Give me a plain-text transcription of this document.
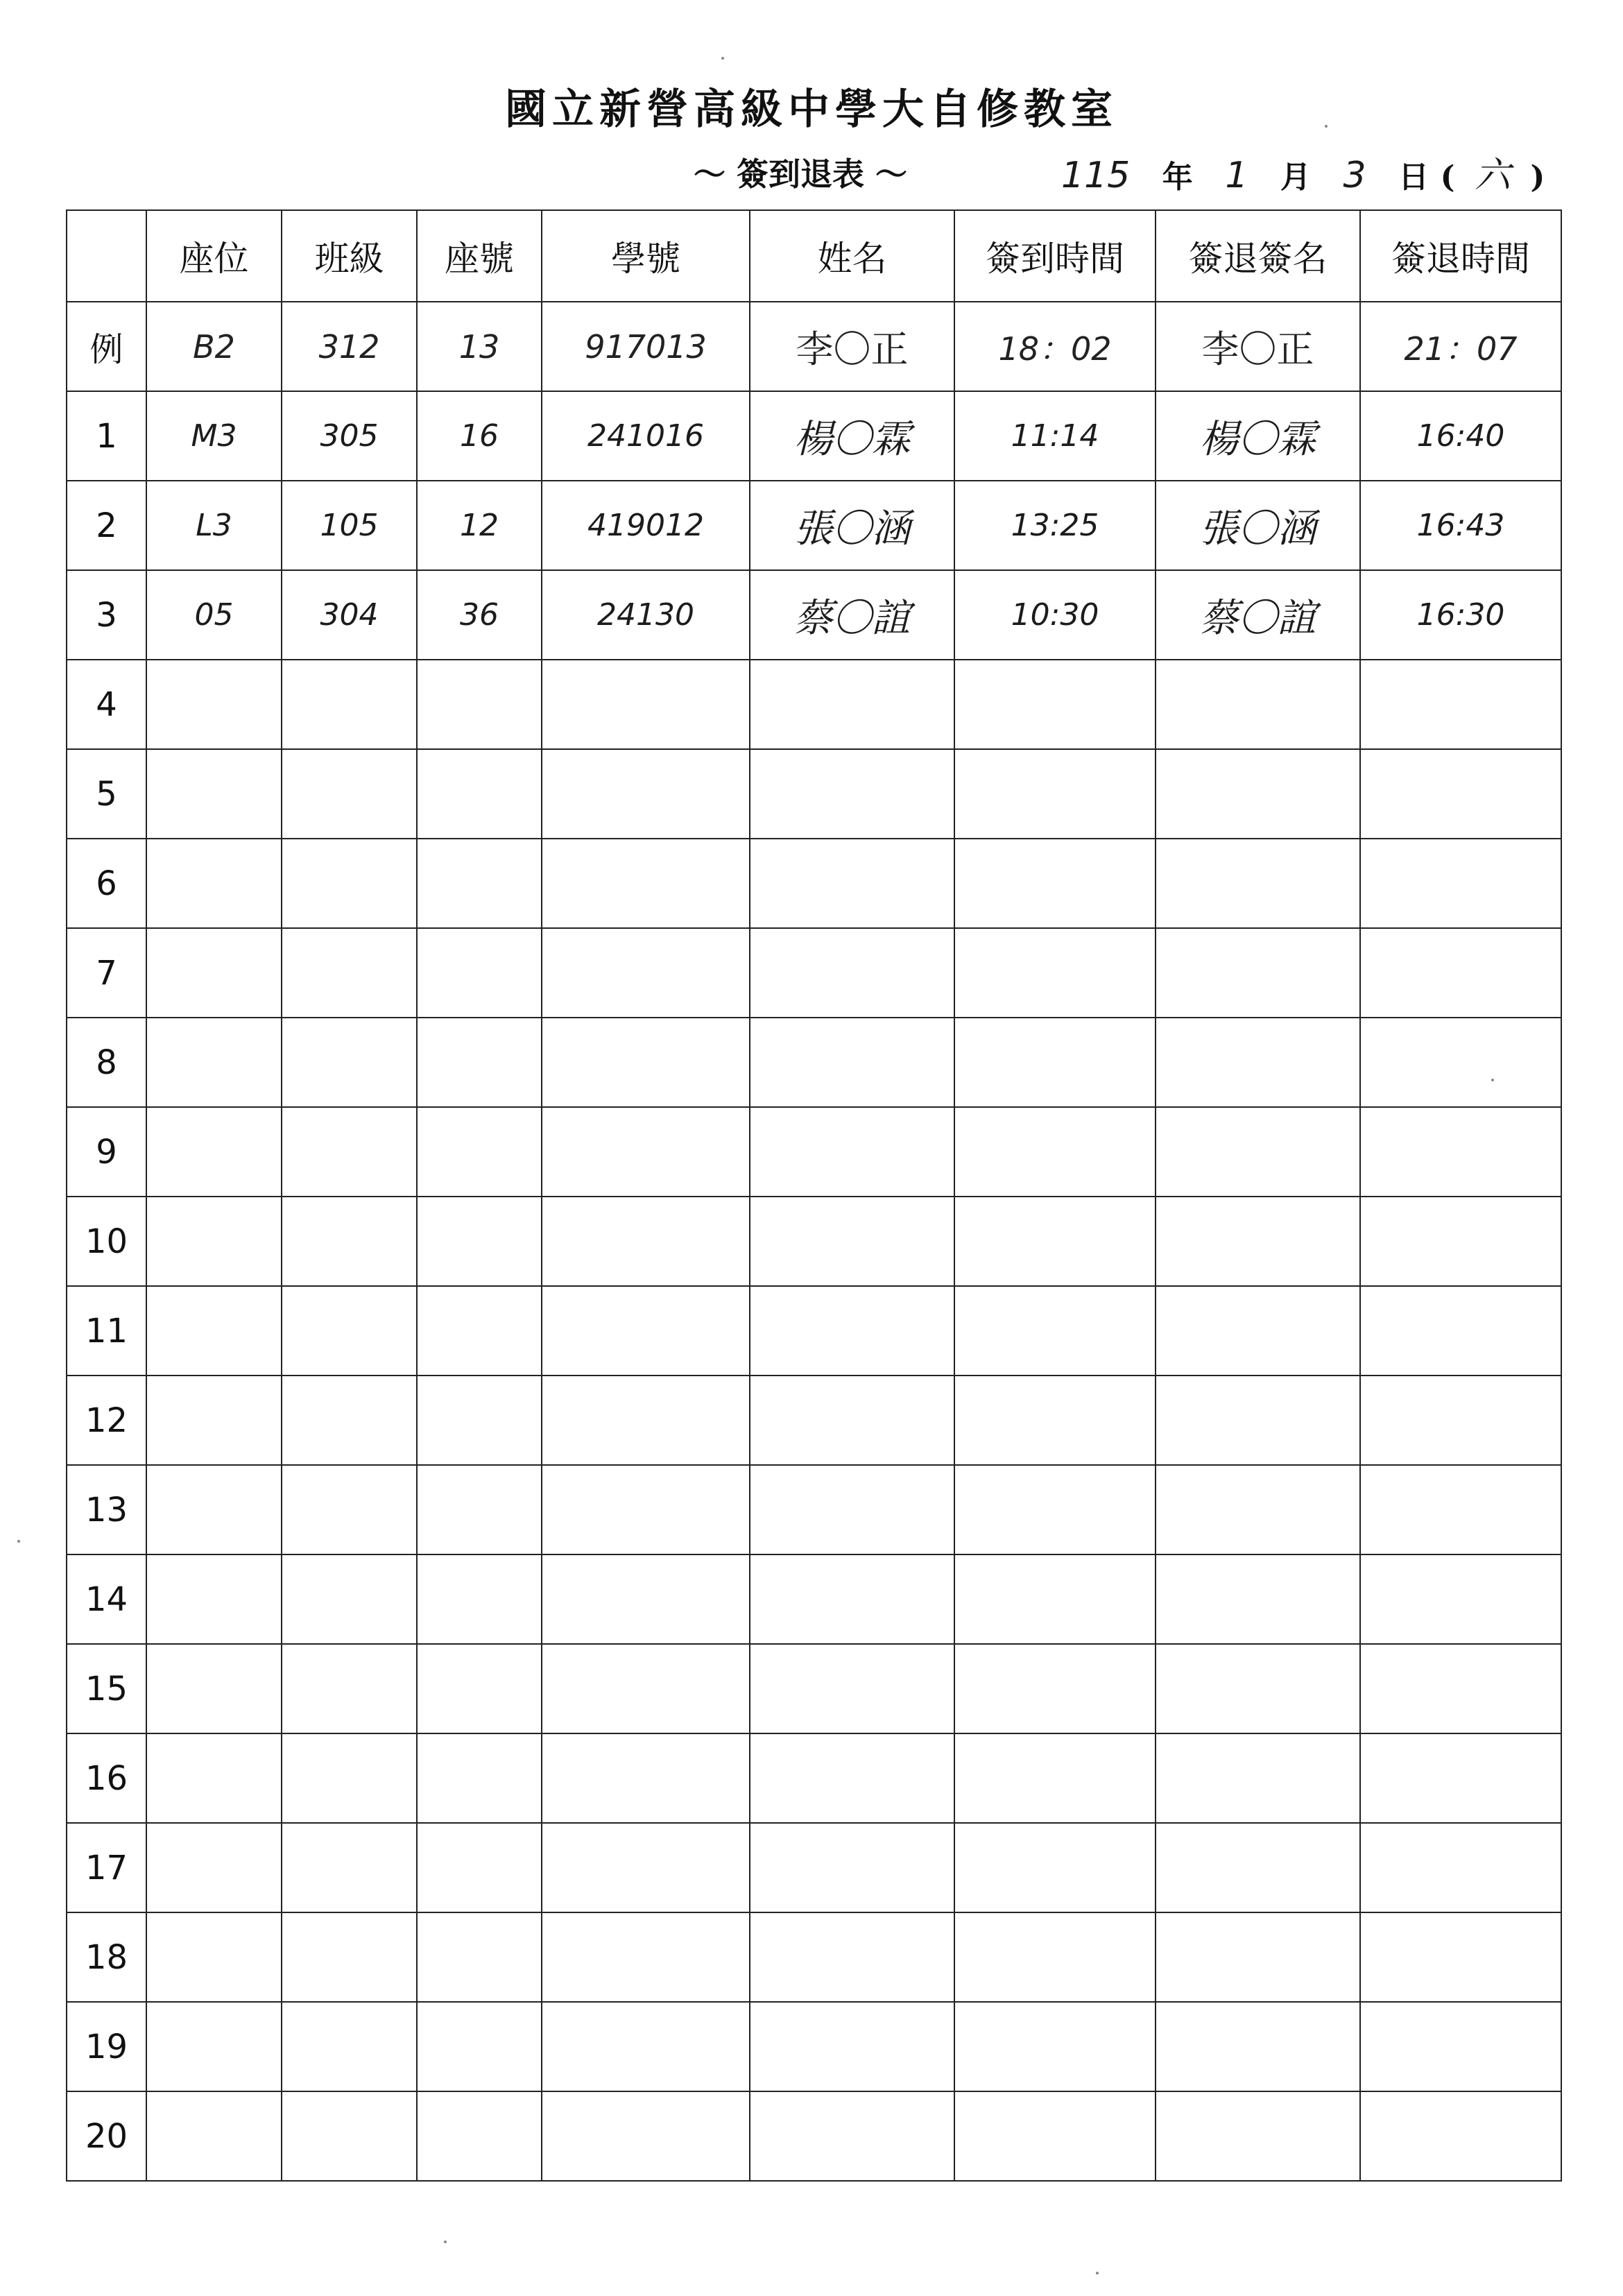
國立新營高級中學大自修教室
～ 簽到退表 ～	115 年 1 月 3 日 ( 六 )
	座位	班級	座號	學號	姓名	簽到時間	簽退簽名	簽退時間
例	B2	312	13	917013	李〇正	18：02	李〇正	21：07
1	M3	305	16	241016	楊〇霖	11:14	楊〇霖	16:40
2	L3	105	12	419012	張〇涵	13:25	張〇涵	16:43
3	05	304	36	24130	蔡〇誼	10:30	蔡〇誼	16:30
4								
5								
6								
7								
8								
9								
10								
11								
12								
13								
14								
15								
16								
17								
18								
19								
20								
